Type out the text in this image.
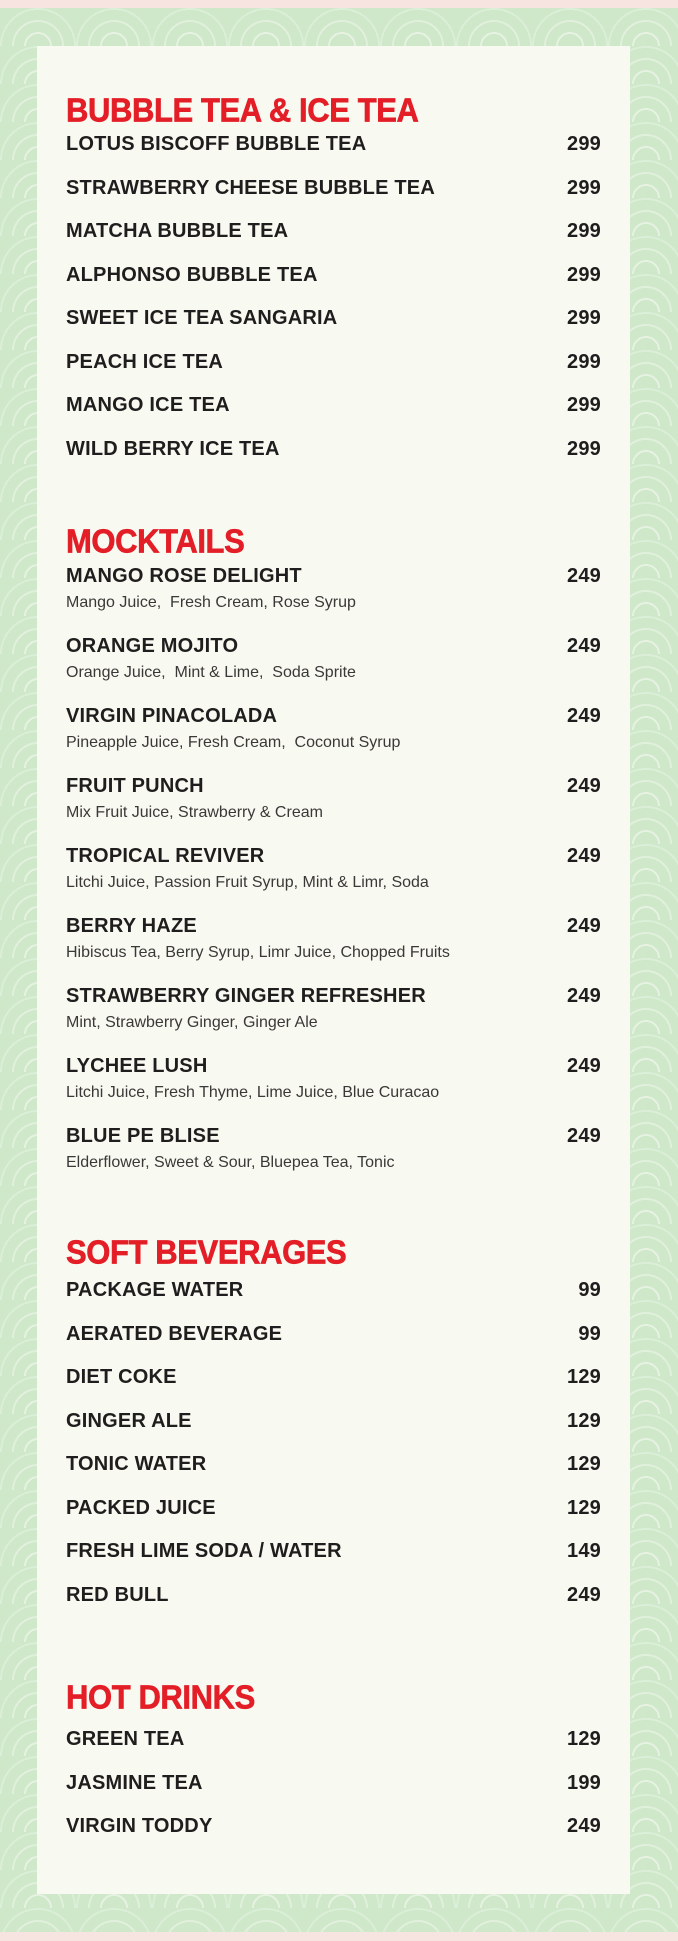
BUBBLE TEA & ICE TEA
LOTUS BISCOFF BUBBLE TEA	299
STRAWBERRY CHEESE BUBBLE TEA	299
MATCHA BUBBLE TEA	299
ALPHONSO BUBBLE TEA	299
SWEET ICE TEA SANGARIA	299
PEACH ICE TEA	299
MANGO ICE TEA	299
WILD BERRY ICE TEA	299
MOCKTAILS
MANGO ROSE DELIGHT	249
Mango Juice,  Fresh Cream, Rose Syrup
ORANGE MOJITO	249
Orange Juice,  Mint & Lime,  Soda Sprite
VIRGIN PINACOLADA	249
Pineapple Juice, Fresh Cream,  Coconut Syrup
FRUIT PUNCH	249
Mix Fruit Juice, Strawberry & Cream
TROPICAL REVIVER	249
Litchi Juice, Passion Fruit Syrup, Mint & Limr, Soda
BERRY HAZE	249
Hibiscus Tea, Berry Syrup, Limr Juice, Chopped Fruits
STRAWBERRY GINGER REFRESHER	249
Mint, Strawberry Ginger, Ginger Ale
LYCHEE LUSH	249
Litchi Juice, Fresh Thyme, Lime Juice, Blue Curacao
BLUE PE BLISE	249
Elderflower, Sweet & Sour, Bluepea Tea, Tonic
SOFT BEVERAGES
PACKAGE WATER	99
AERATED BEVERAGE	99
DIET COKE	129
GINGER ALE	129
TONIC WATER	129
PACKED JUICE	129
FRESH LIME SODA / WATER	149
RED BULL	249
HOT DRINKS
GREEN TEA	129
JASMINE TEA	199
VIRGIN TODDY	249
